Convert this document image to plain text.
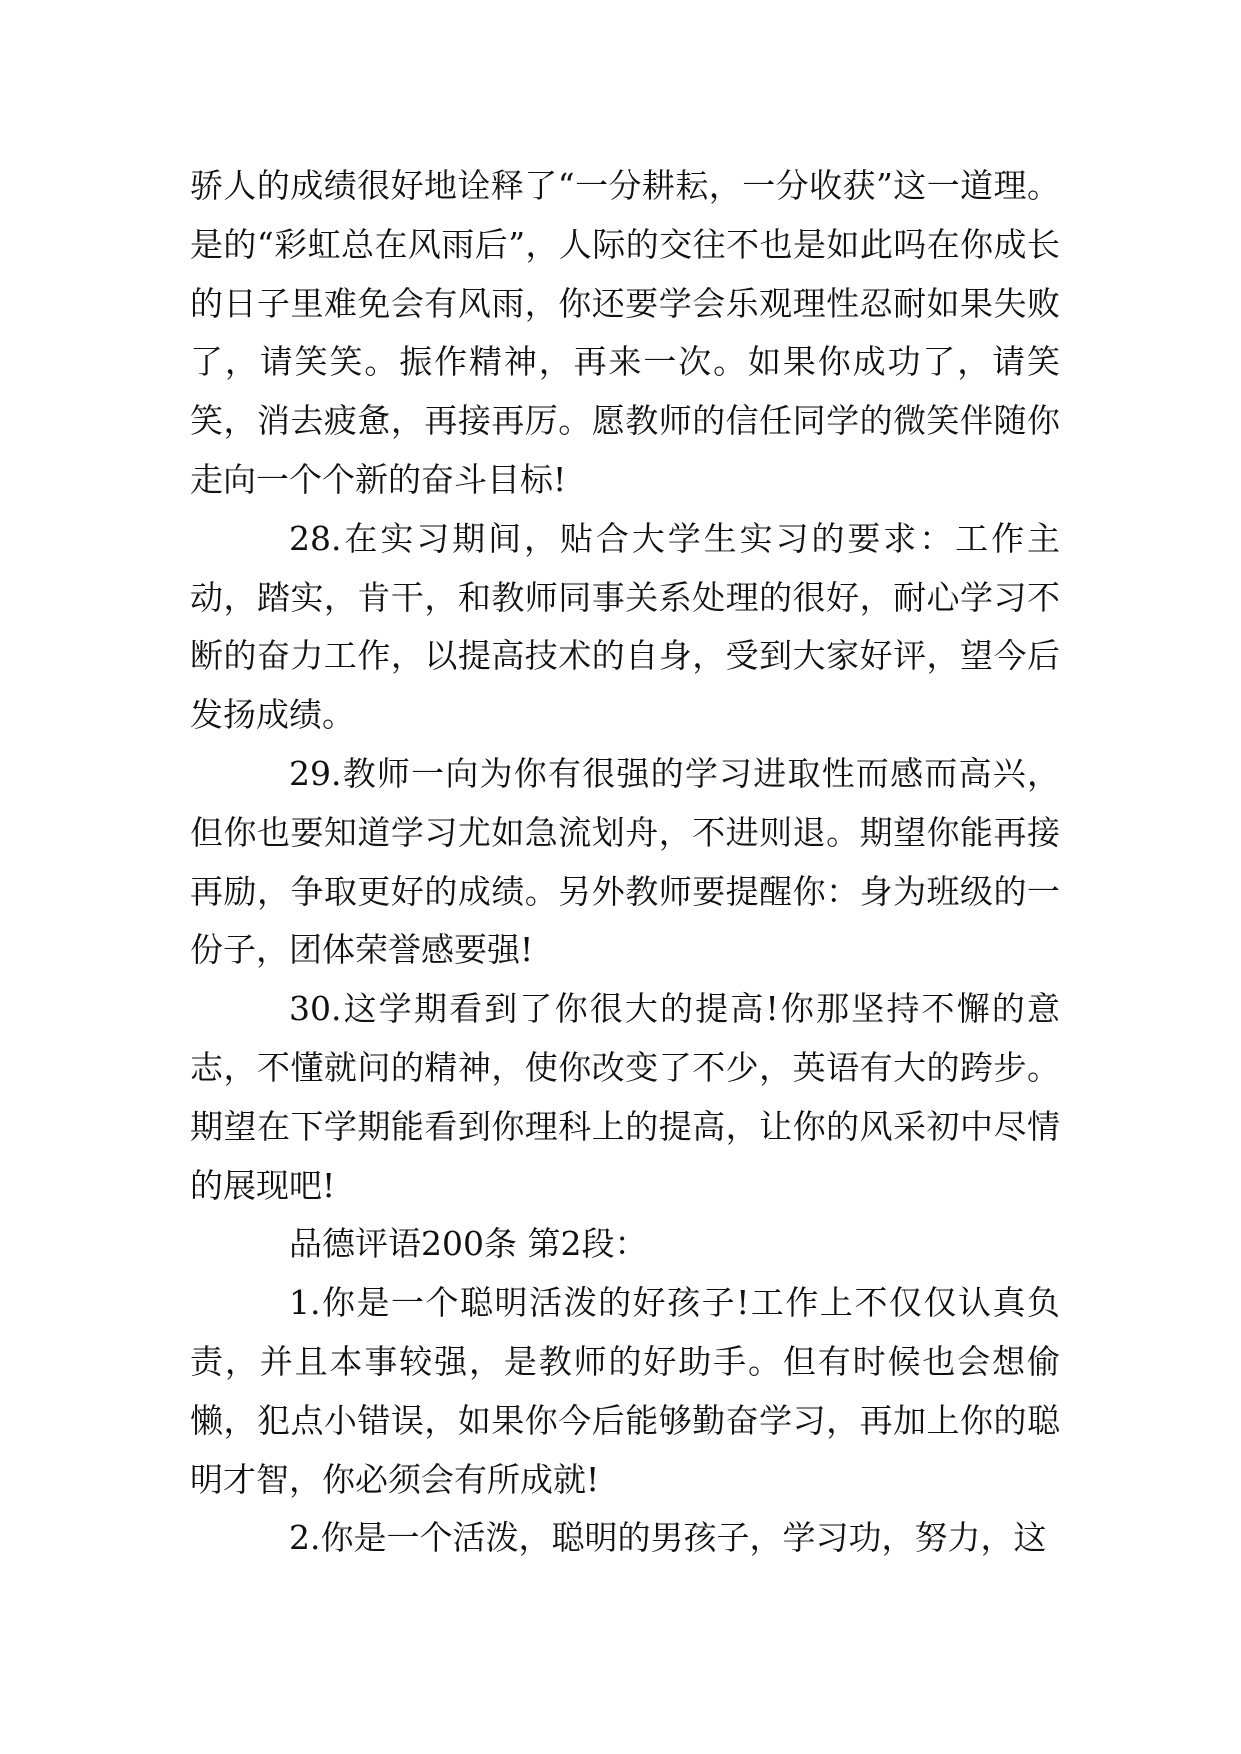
骄人的成绩很好地诠释了“一分耕耘，一分收获”这一道理。是的“彩虹总在风雨后”，人际的交往不也是如此吗在你成长的日子里难免会有风雨，你还要学会乐观理性忍耐如果失败了，请笑笑。振作精神，再来一次。如果你成功了，请笑笑，消去疲惫，再接再厉。愿教师的信任同学的微笑伴随你走向一个个新的奋斗目标!

28.在实习期间，贴合大学生实习的要求：工作主动，踏实，肯干，和教师同事关系处理的很好，耐心学习不断的奋力工作，以提高技术的自身，受到大家好评，望今后发扬成绩。

29.教师一向为你有很强的学习进取性而感而高兴，但你也要知道学习尤如急流划舟，不进则退。期望你能再接再励，争取更好的成绩。另外教师要提醒你：身为班级的一份子，团体荣誉感要强!

30.这学期看到了你很大的提高!你那坚持不懈的意志，不懂就问的精神，使你改变了不少，英语有大的跨步。期望在下学期能看到你理科上的提高，让你的风采初中尽情的展现吧!

品德评语200条 第2段：

1.你是一个聪明活泼的好孩子!工作上不仅仅认真负责，并且本事较强，是教师的好助手。但有时候也会想偷懒，犯点小错误，如果你今后能够勤奋学习，再加上你的聪明才智，你必须会有所成就!

2.你是一个活泼，聪明的男孩子，学习功，努力，这
